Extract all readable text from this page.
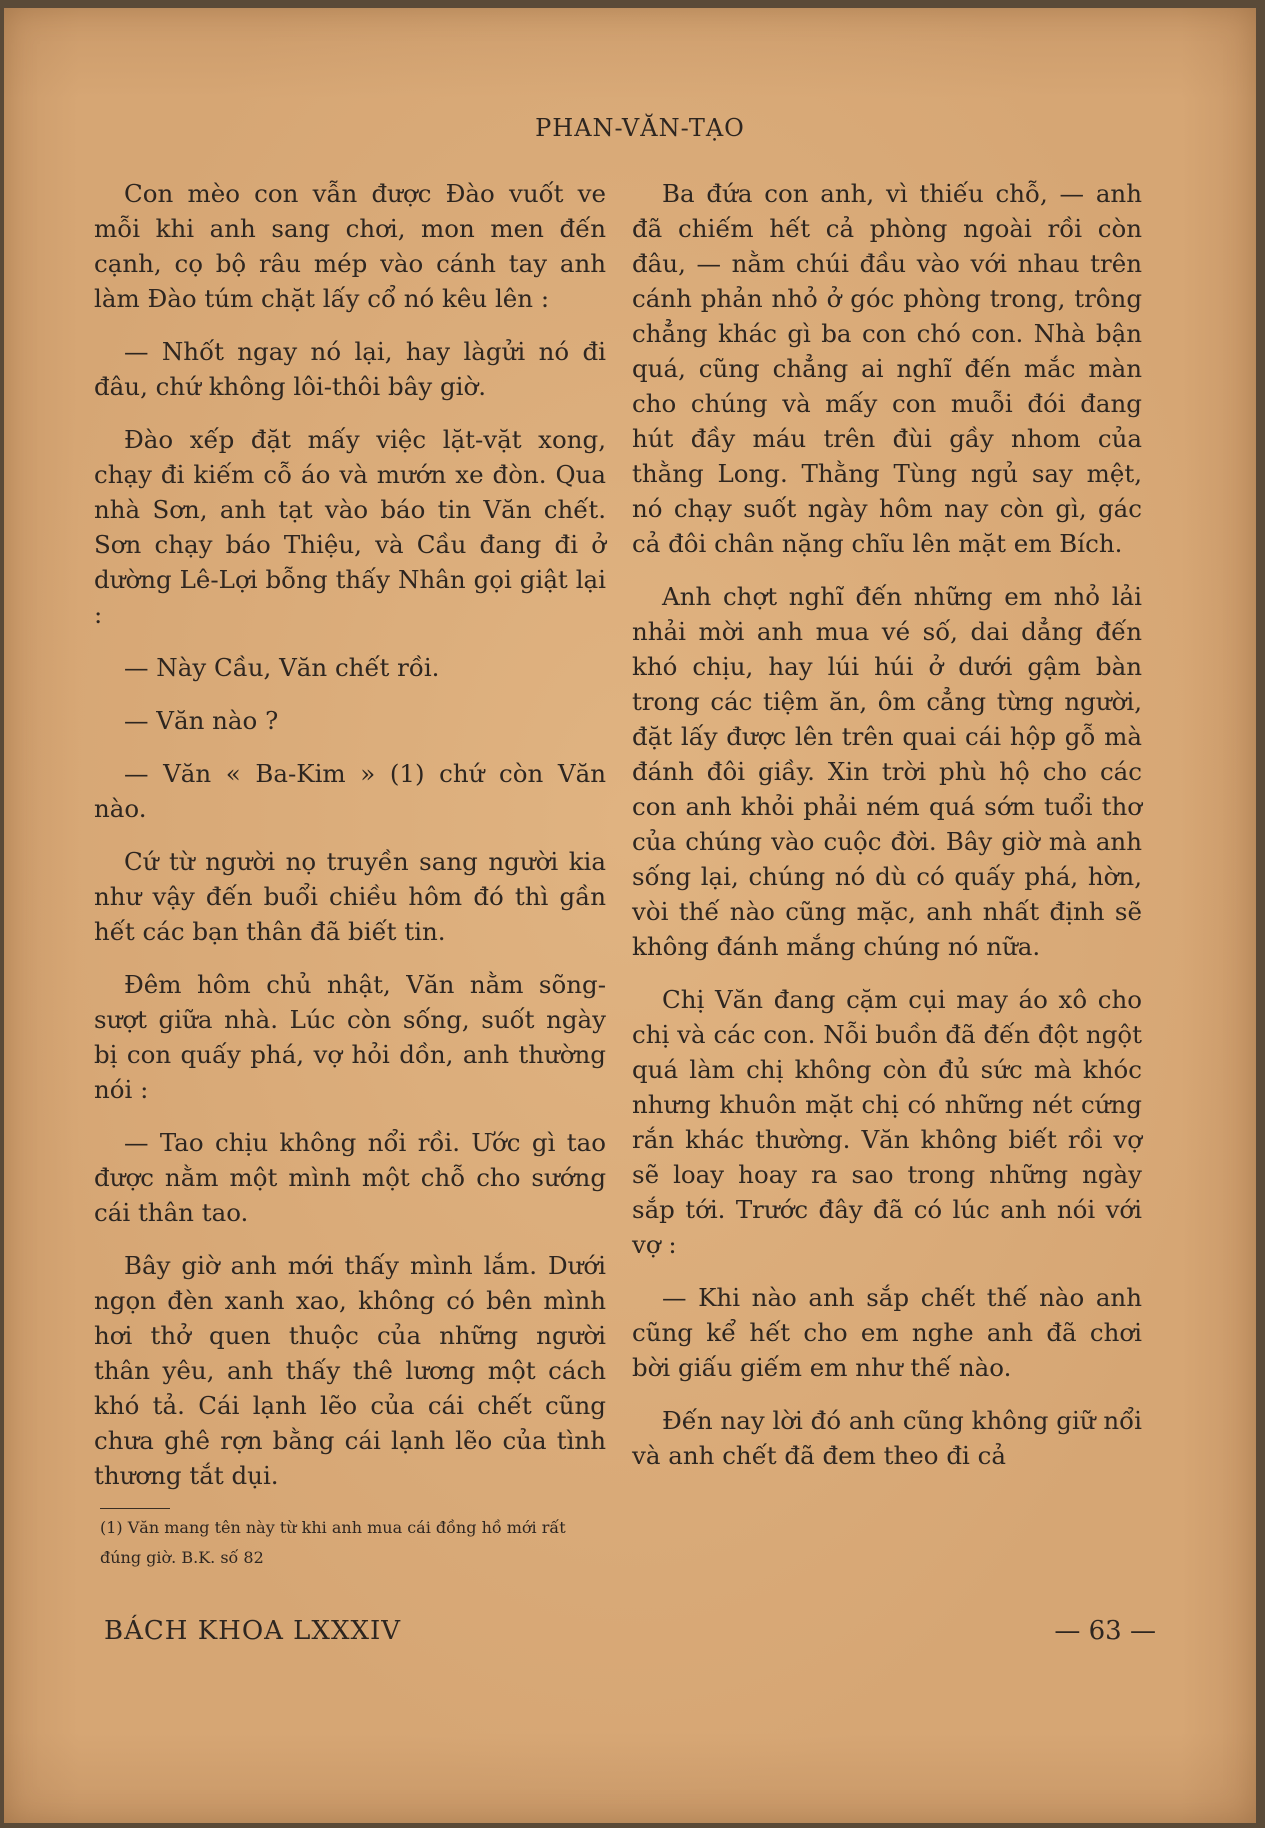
PHAN-VĂN-TẠO

Con mèo con vẫn được Đào vuốt ve mỗi khi anh sang chơi, mon men đến cạnh, cọ bộ râu mép vào cánh tay anh làm Đào túm chặt lấy cổ nó kêu lên :

— Nhốt ngay nó lại, hay làgửi nó đi đâu, chứ không lôi-thôi bây giờ.

Đào xếp đặt mấy việc lặt-vặt xong, chạy đi kiếm cỗ áo và mướn xe đòn. Qua nhà Sơn, anh tạt vào báo tin Văn chết. Sơn chạy báo Thiệu, và Cầu đang đi ở dường Lê-Lợi bỗng thấy Nhân gọi giật lại :

— Này Cầu, Văn chết rồi.

— Văn nào ?

— Văn « Ba-Kim » (1) chứ còn Văn nào.

Cứ từ người nọ truyền sang người kia như vậy đến buổi chiều hôm đó thì gần hết các bạn thân đã biết tin.

Đêm hôm chủ nhật, Văn nằm sõng-sượt giữa nhà. Lúc còn sống, suốt ngày bị con quấy phá, vợ hỏi dồn, anh thường nói :

— Tao chịu không nổi rồi. Ước gì tao được nằm một mình một chỗ cho sướng cái thân tao.

Bây giờ anh mới thấy mình lắm. Dưới ngọn đèn xanh xao, không có bên mình hơi thở quen thuộc của những người thân yêu, anh thấy thê lương một cách khó tả. Cái lạnh lẽo của cái chết cũng chưa ghê rợn bằng cái lạnh lẽo của tình thương tắt dụi.

Ba đứa con anh, vì thiếu chỗ, — anh đã chiếm hết cả phòng ngoài rồi còn đâu, — nằm chúi đầu vào với nhau trên cánh phản nhỏ ở góc phòng trong, trông chẳng khác gì ba con chó con. Nhà bận quá, cũng chẳng ai nghĩ đến mắc màn cho chúng và mấy con muỗi đói đang hút đầy máu trên đùi gầy nhom của thằng Long. Thằng Tùng ngủ say mệt, nó chạy suốt ngày hôm nay còn gì, gác cả đôi chân nặng chĩu lên mặt em Bích.

Anh chợt nghĩ đến những em nhỏ lải nhải mời anh mua vé số, dai dẳng đến khó chịu, hay lúi húi ở dưới gậm bàn trong các tiệm ăn, ôm cẳng từng người, đặt lấy được lên trên quai cái hộp gỗ mà đánh đôi giầy. Xin trời phù hộ cho các con anh khỏi phải ném quá sớm tuổi thơ của chúng vào cuộc đời. Bây giờ mà anh sống lại, chúng nó dù có quấy phá, hờn, vòi thế nào cũng mặc, anh nhất định sẽ không đánh mắng chúng nó nữa.

Chị Văn đang cặm cụi may áo xô cho chị và các con. Nỗi buồn đã đến đột ngột quá làm chị không còn đủ sức mà khóc nhưng khuôn mặt chị có những nét cứng rắn khác thường. Văn không biết rồi vợ sẽ loay hoay ra sao trong những ngày sắp tới. Trước đây đã có lúc anh nói với vợ :

— Khi nào anh sắp chết thế nào anh cũng kể hết cho em nghe anh đã chơi bời giấu giếm em như thế nào.

Đến nay lời đó anh cũng không giữ nổi và anh chết đã đem theo đi cả

(1) Văn mang tên này từ khi anh mua cái đồng hồ mới rất đúng giờ. B.K. số 82
BÁCH KHOA LXXXIV	— 63 —
